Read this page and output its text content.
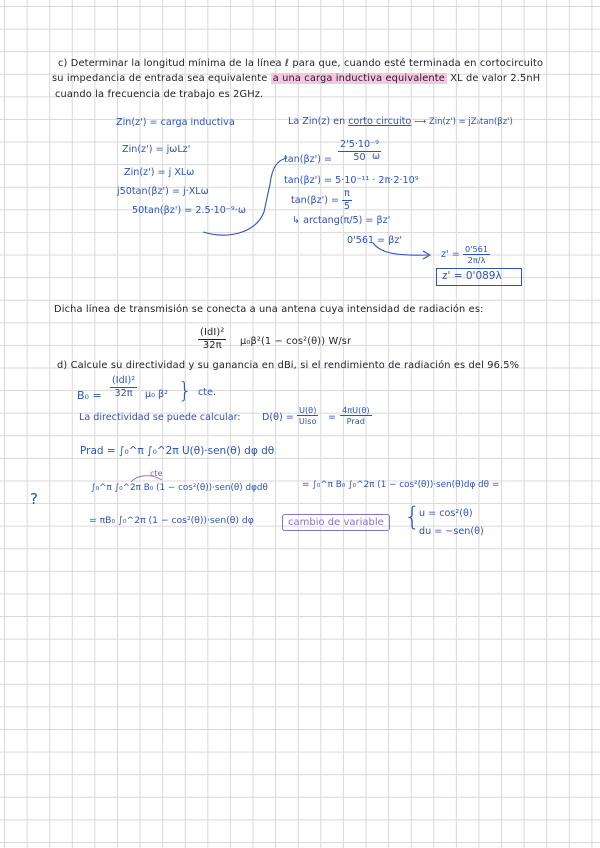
c) Determinar la longitud mínima de la línea ℓ para que, cuando esté terminada en cortocircuito
su impedancia de entrada sea equivalente a una carga inductiva equivalente XL de valor 2.5nH
cuando la frecuencia de trabajo es 2GHz.
Zin(z') = carga inductiva
Zin(z') = jωLz'
Zin(z') = j XLω
j50tan(βz') = j·XLω
50tan(βz') = 2.5·10⁻⁹·ω
La Zin(z) en corto circuito ⟶ Zin(z') = jZ₀tan(βz')
$\tan(\beta z') = \frac{\text{2'5·10⁻⁹}}{50}$
ω
tan(βz') = 5·10⁻¹¹ · 2π·2·10⁹
$\tan(\beta z') = \frac{\pi}{5}$
↳ arctang(π/5) = βz'
0'561 = βz'
$z' = \frac{0'561}{2\pi/\lambda}$
z' = 0'089λ
Dicha línea de transmisión se conecta a una antena cuya intensidad de radiación es:
(IdI)²
32π μ₀β²(1 − cos²(θ)) W/sr
d) Calcule su directividad y su ganancia en dBi, si el rendimiento de radiación es del 96.5%
B₀ =
(IdI)²
32π μ₀ β² } cte.
La directividad se puede calcular: D(θ) =
U(θ)
Uiso =
4πU(θ)
Prad
Prad = ∫₀^π ∫₀^2π U(θ)·sen(θ) dφ dθ
∫₀^π ∫₀^2π B₀ (1 − cos²(θ))·sen(θ) dφdθ
cte
= ∫₀^π B₀ ∫₀^2π (1 − cos²(θ))·sen(θ)dφ dθ =
?
= πB₀ ∫₀^2π (1 − cos²(θ))·sen(θ) dφ	cambio de variable {
u = cos²(θ)
du = −sen(θ)
